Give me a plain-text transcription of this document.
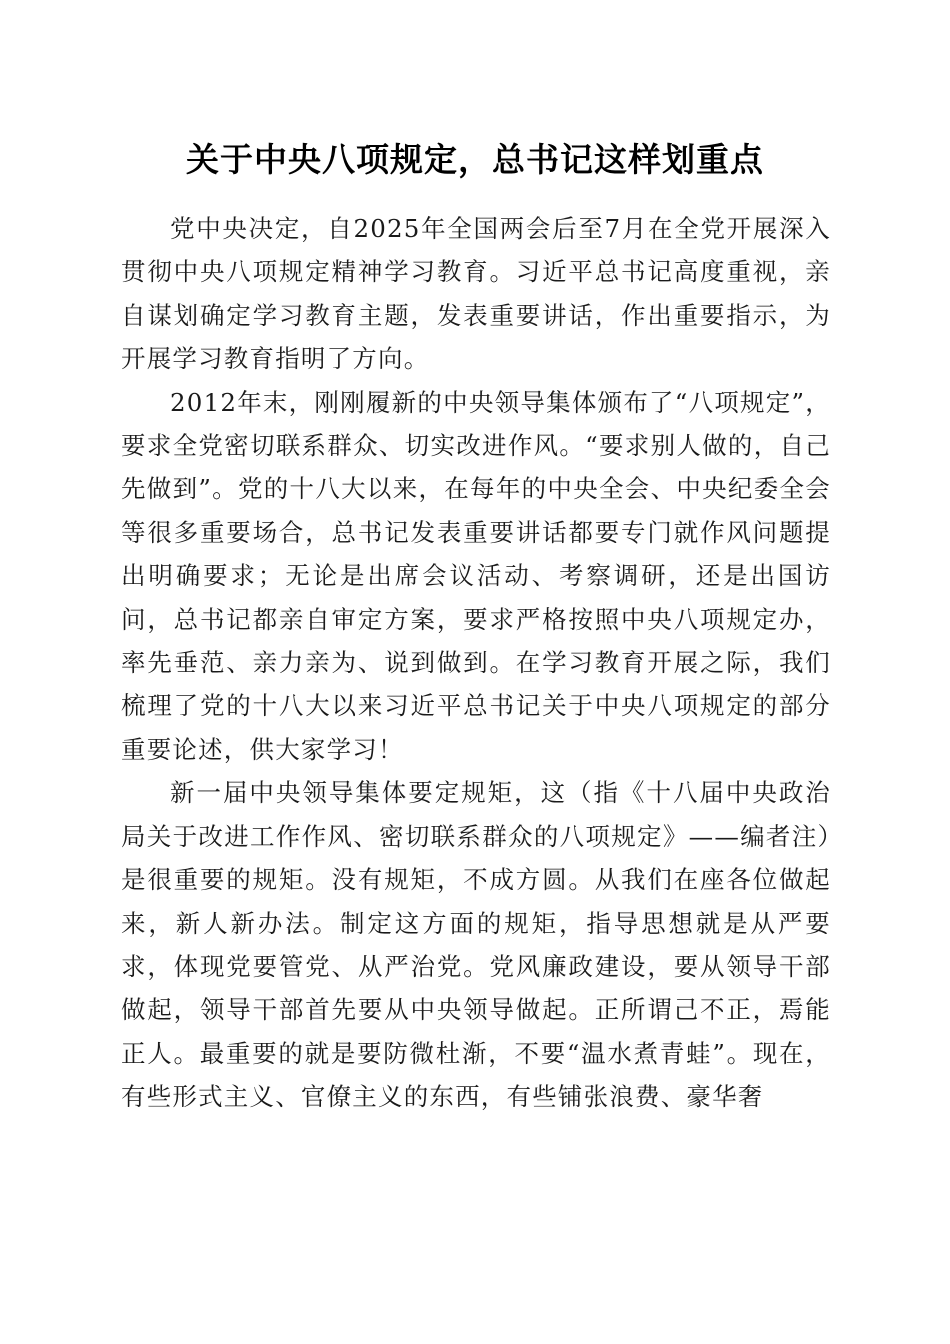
关于中央八项规定，总书记这样划重点

党中央决定，自2025年全国两会后至7月在全党开展深入贯彻中央八项规定精神学习教育。习近平总书记高度重视，亲自谋划确定学习教育主题，发表重要讲话，作出重要指示，为开展学习教育指明了方向。

2012年末，刚刚履新的中央领导集体颁布了“八项规定”，要求全党密切联系群众、切实改进作风。“要求别人做的，自己先做到”。党的十八大以来，在每年的中央全会、中央纪委全会等很多重要场合，总书记发表重要讲话都要专门就作风问题提出明确要求；无论是出席会议活动、考察调研，还是出国访问，总书记都亲自审定方案，要求严格按照中央八项规定办，率先垂范、亲力亲为、说到做到。在学习教育开展之际，我们梳理了党的十八大以来习近平总书记关于中央八项规定的部分重要论述，供大家学习！

新一届中央领导集体要定规矩，这（指《十八届中央政治局关于改进工作作风、密切联系群众的八项规定》——编者注）是很重要的规矩。没有规矩，不成方圆。从我们在座各位做起来，新人新办法。制定这方面的规矩，指导思想就是从严要求，体现党要管党、从严治党。党风廉政建设，要从领导干部做起，领导干部首先要从中央领导做起。正所谓己不正，焉能正人。最重要的就是要防微杜渐，不要“温水煮青蛙”。现在，有些形式主义、官僚主义的东西，有些铺张浪费、豪华奢
